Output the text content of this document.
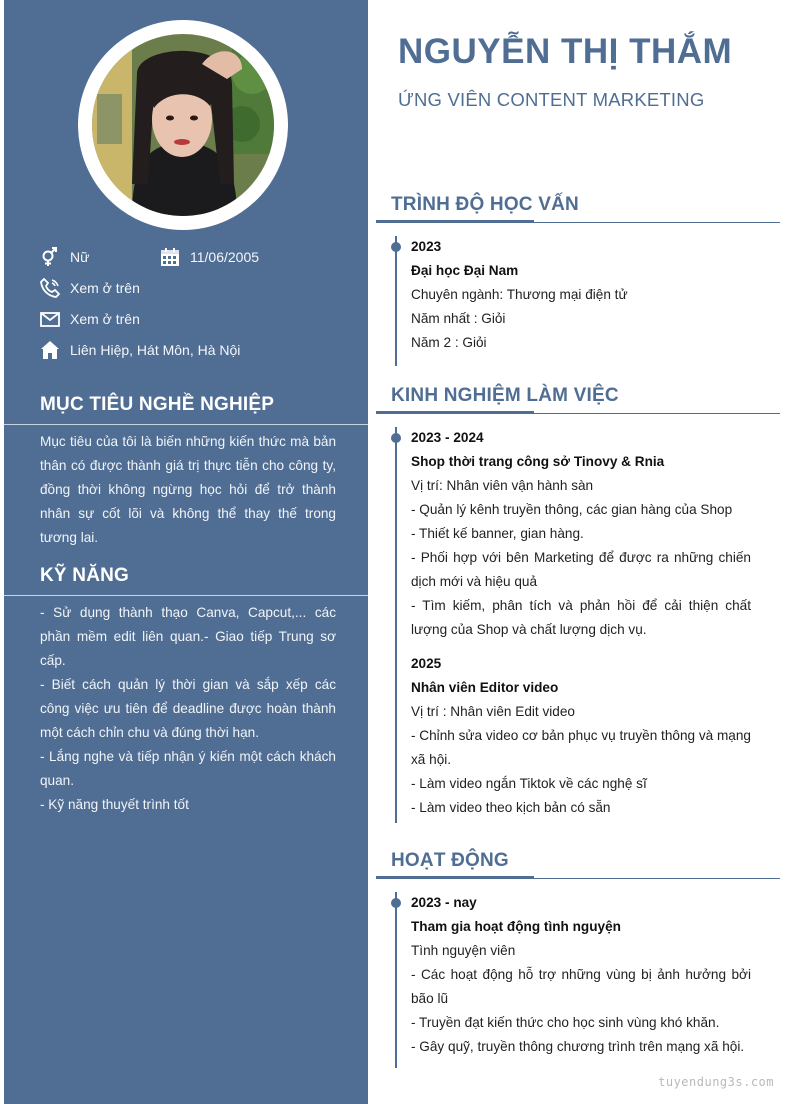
Nữ	11/06/2005
Xem ở trên
Xem ở trên
Liên Hiệp, Hát Môn, Hà Nội
MỤC TIÊU NGHỀ NGHIỆP

Mục tiêu của tôi là biến những kiến thức mà bản thân có được thành giá trị thực tiễn cho công ty, đồng thời không ngừng học hỏi để trở thành nhân sự cốt lõi và không thể thay thế trong tương lai.

KỸ NĂNG

- Sử dụng thành thạo Canva, Capcut,... các phần mềm edit liên quan.- Giao tiếp Trung sơ cấp.

- Biết cách quản lý thời gian và sắp xếp các công việc ưu tiên để deadline được hoàn thành một cách chỉn chu và đúng thời hạn.

- Lắng nghe và tiếp nhận ý kiến một cách khách quan.

- Kỹ năng thuyết trình tốt

NGUYỄN THỊ THẮM
ỨNG VIÊN CONTENT MARKETING
TRÌNH ĐỘ HỌC VẤN
2023
Đại học Đại Nam
Chuyên ngành: Thương mại điện tử
Năm nhất : Giỏi
Năm 2 : Giỏi
KINH NGHIỆM LÀM VIỆC
2023 - 2024
Shop thời trang công sở Tinovy & Rnia
Vị trí: Nhân viên vận hành sàn
- Quản lý kênh truyền thông, các gian hàng của Shop
- Thiết kế banner, gian hàng.
- Phối hợp với bên Marketing để được ra những chiến dịch mới và hiệu quả
- Tìm kiếm, phân tích và phản hồi để cải thiện chất lượng của Shop và chất lượng dịch vụ.
2025
Nhân viên Editor video
Vị trí : Nhân viên Edit video
- Chỉnh sửa video cơ bản phục vụ truyền thông và mạng xã hội.
- Làm video ngắn Tiktok về các nghệ sĩ
- Làm video theo kịch bản có sẵn
HOẠT ĐỘNG
2023 - nay
Tham gia hoạt động tình nguyện
Tình nguyện viên
- Các hoạt động hỗ trợ những vùng bị ảnh hưởng bởi bão lũ
- Truyền đạt kiến thức cho học sinh vùng khó khăn.
- Gây quỹ, truyền thông chương trình trên mạng xã hội.
tuyendung3s.com
